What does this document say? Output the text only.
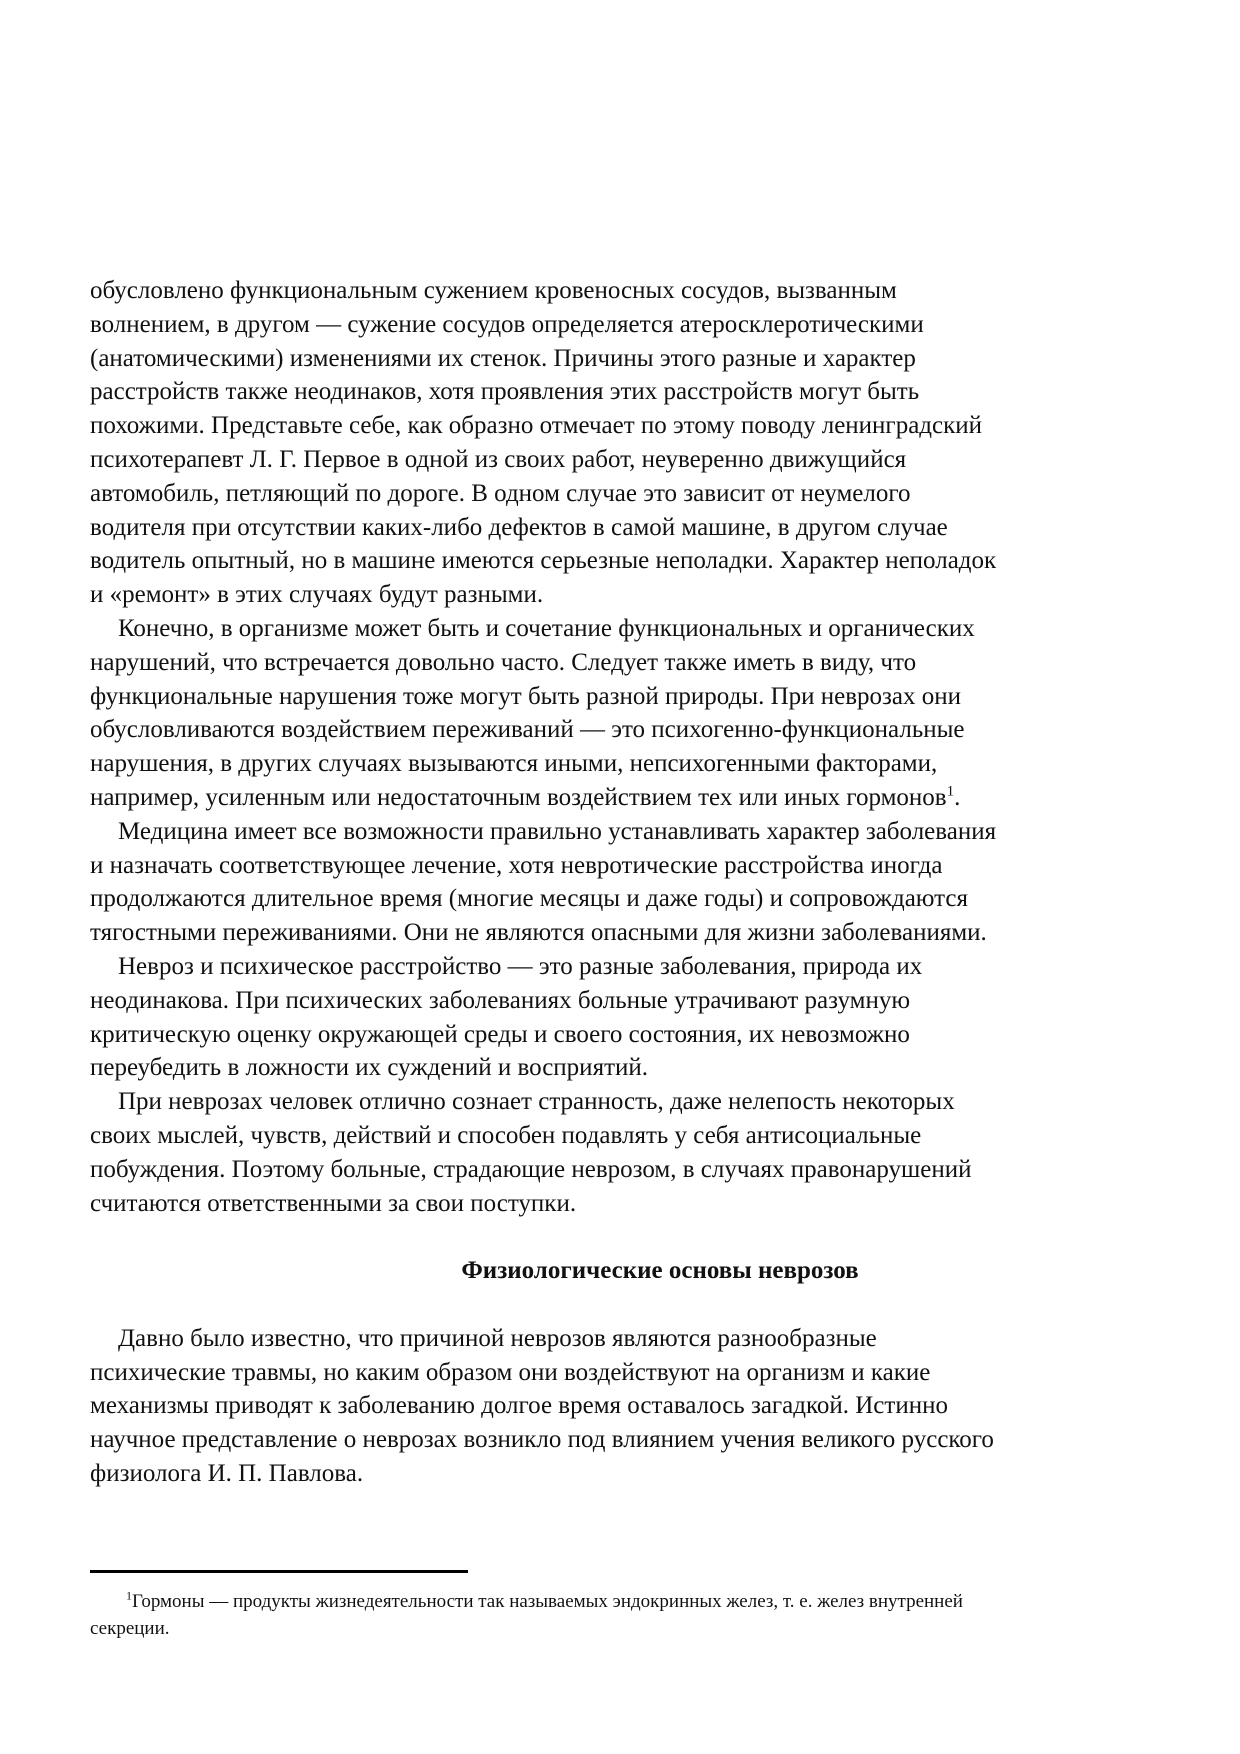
обусловлено функциональным сужением кровеносных сосудов, вызванным
волнением, в другом — сужение сосудов определяется атеросклеротическими
(анатомическими) изменениями их стенок. Причины этого разные и характер
расстройств также неодинаков, хотя проявления этих расстройств могут быть
похожими. Представьте себе, как образно отмечает по этому поводу ленинградский
психотерапевт Л. Г. Первое в одной из своих работ, неуверенно движущийся
автомобиль, петляющий по дороге. В одном случае это зависит от неумелого
водителя при отсутствии каких-либо дефектов в самой машине, в другом случае
водитель опытный, но в машине имеются серьезные неполадки. Характер неполадок
и «ремонт» в этих случаях будут разными.
Конечно, в организме может быть и сочетание функциональных и органических
нарушений, что встречается довольно часто. Следует также иметь в виду, что
функциональные нарушения тоже могут быть разной природы. При неврозах они
обусловливаются воздействием переживаний — это психогенно-функциональные
нарушения, в других случаях вызываются иными, непсихогенными факторами,
например, усиленным или недостаточным воздействием тех или иных гормонов$^1$.
Медицина имеет все возможности правильно устанавливать характер заболевания
и назначать соответствующее лечение, хотя невротические расстройства иногда
продолжаются длительное время (многие месяцы и даже годы) и сопровождаются
тягостными переживаниями. Они не являются опасными для жизни заболеваниями.
Невроз и психическое расстройство — это разные заболевания, природа их
неодинакова. При психических заболеваниях больные утрачивают разумную
критическую оценку окружающей среды и своего состояния, их невозможно
переубедить в ложности их суждений и восприятий.
При неврозах человек отлично сознает странность, даже нелепость некоторых
своих мыслей, чувств, действий и способен подавлять у себя антисоциальные
побуждения. Поэтому больные, страдающие неврозом, в случаях правонарушений
считаются ответственными за свои поступки.
Физиологические основы неврозов
Давно было известно, что причиной неврозов являются разнообразные
психические травмы, но каким образом они воздействуют на организм и какие
механизмы приводят к заболеванию долгое время оставалось загадкой. Истинно
научное представление о неврозах возникло под влиянием учения великого русского
физиолога И. П. Павлова.
$^1$Гормоны — продукты жизнедеятельности так называемых эндокринных желез, т. е. желез внутренней
секреции.
